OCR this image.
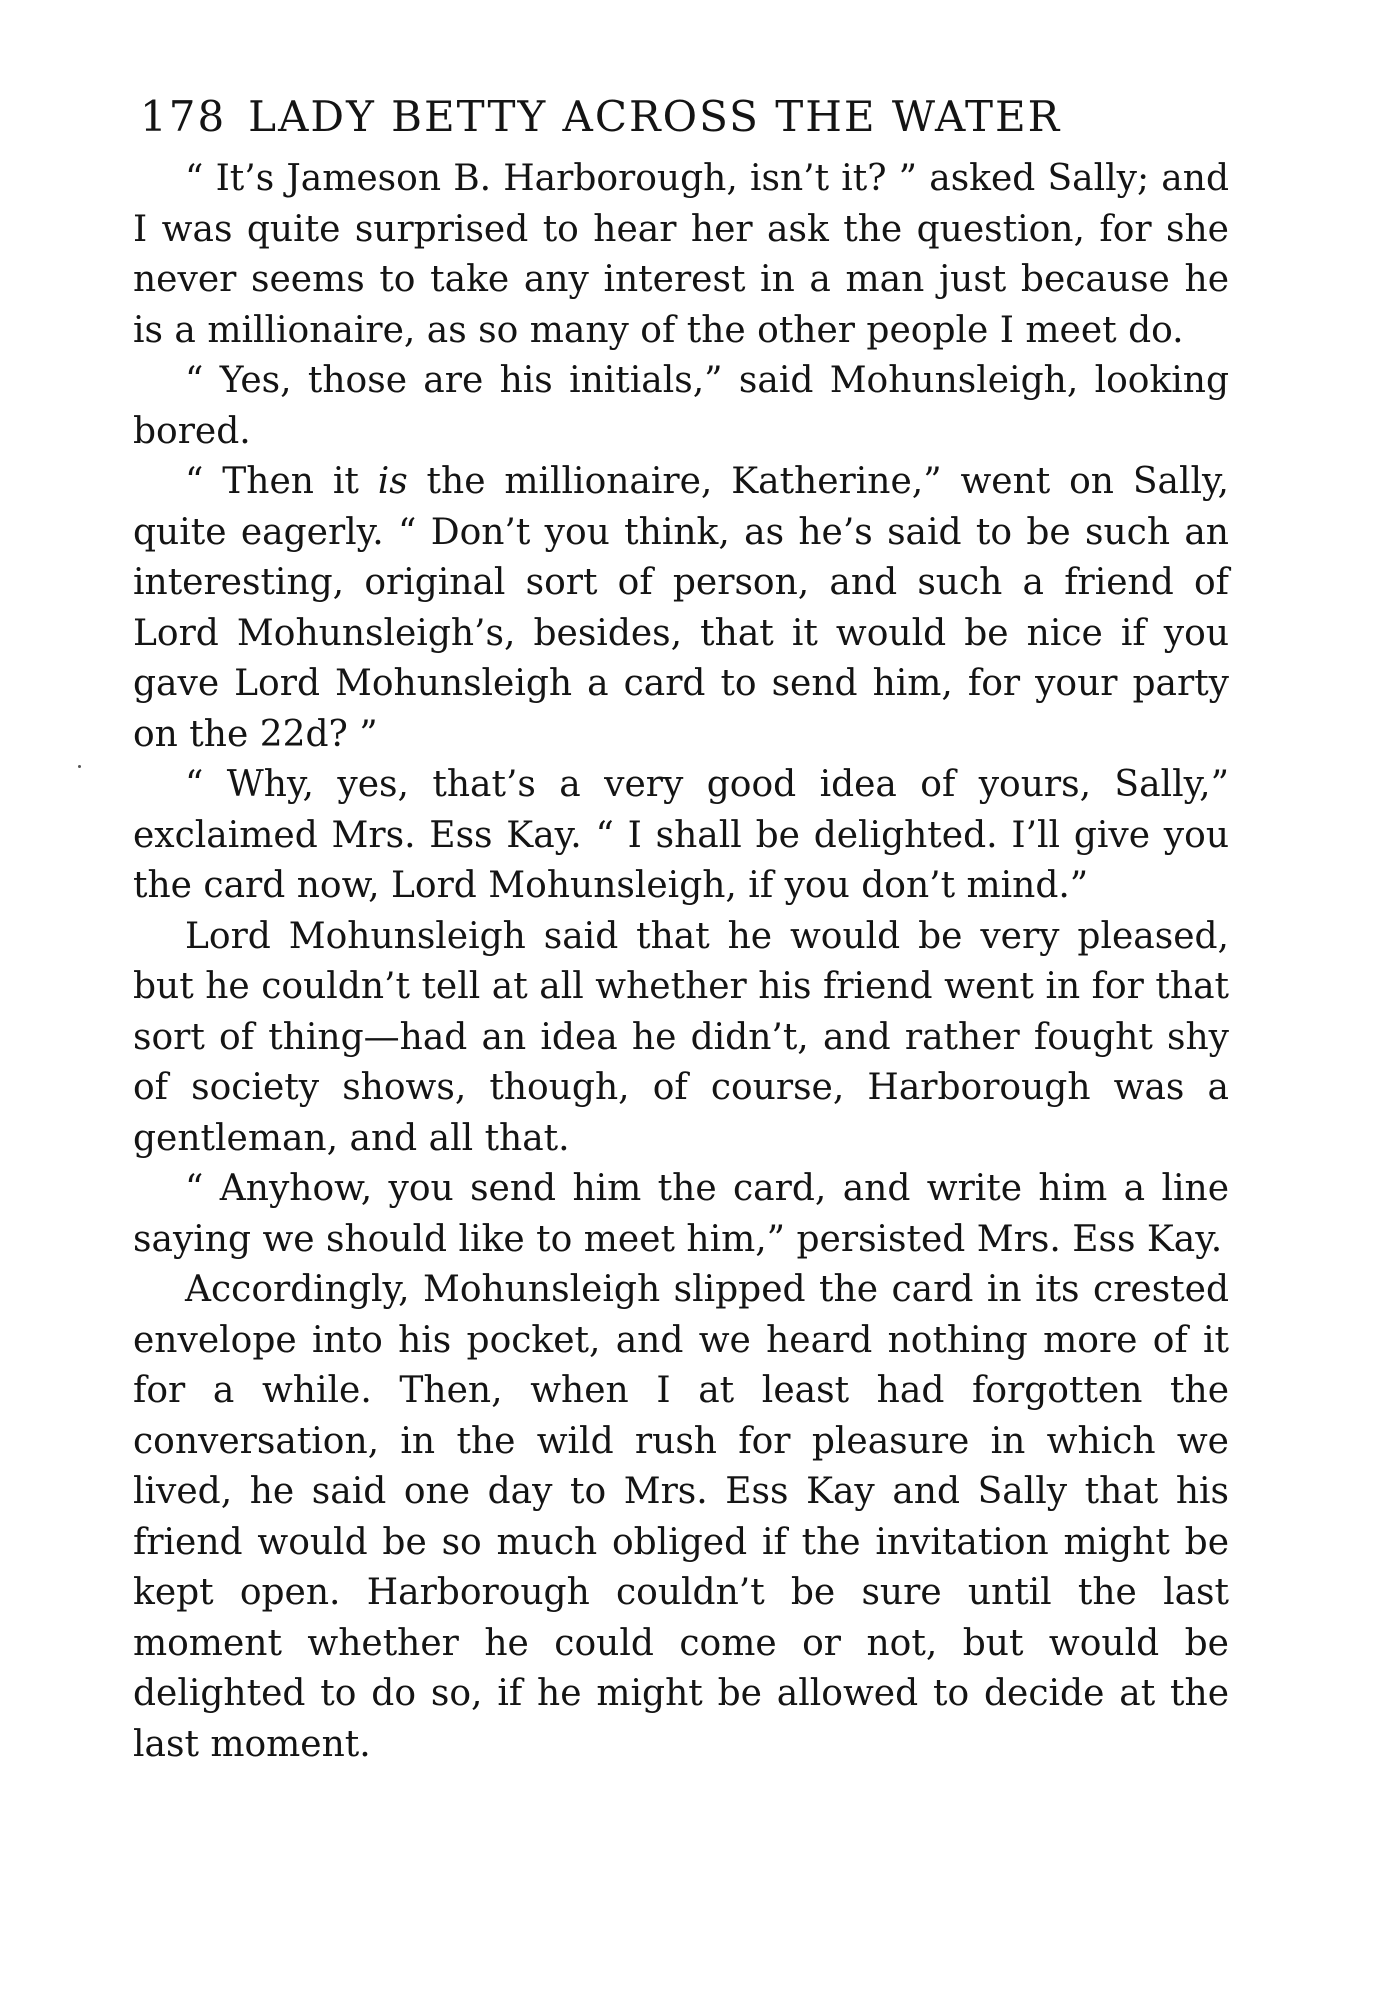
178 LADY BETTY ACROSS THE WATER

“ It’s Jameson B. Harborough, isn’t it? ” asked Sally; and I was quite surprised to hear her ask the question, for she never seems to take any interest in a man just because he is a millionaire, as so many of the other people I meet do.

“ Yes, those are his initials,” said Mohunsleigh, looking bored.

“ Then it is the millionaire, Katherine,” went on Sally, quite eagerly. “ Don’t you think, as he’s said to be such an interesting, original sort of person, and such a friend of Lord Mohunsleigh’s, besides, that it would be nice if you gave Lord Mohunsleigh a card to send him, for your party on the 22d? ”

“ Why, yes, that’s a very good idea of yours, Sally,” exclaimed Mrs. Ess Kay. “ I shall be delighted. I’ll give you the card now, Lord Mohunsleigh, if you don’t mind.”

Lord Mohunsleigh said that he would be very pleased, but he couldn’t tell at all whether his friend went in for that sort of thing—had an idea he didn’t, and rather fought shy of society shows, though, of course, Harborough was a gentleman, and all that.

“ Anyhow, you send him the card, and write him a line saying we should like to meet him,” persisted Mrs. Ess Kay.

Accordingly, Mohunsleigh slipped the card in its crested envelope into his pocket, and we heard nothing more of it for a while. Then, when I at least had forgotten the conversation, in the wild rush for pleasure in which we lived, he said one day to Mrs. Ess Kay and Sally that his friend would be so much obliged if the invitation might be kept open. Harborough couldn’t be sure until the last moment whether he could come or not, but would be delighted to do so, if he might be allowed to decide at the last moment.
